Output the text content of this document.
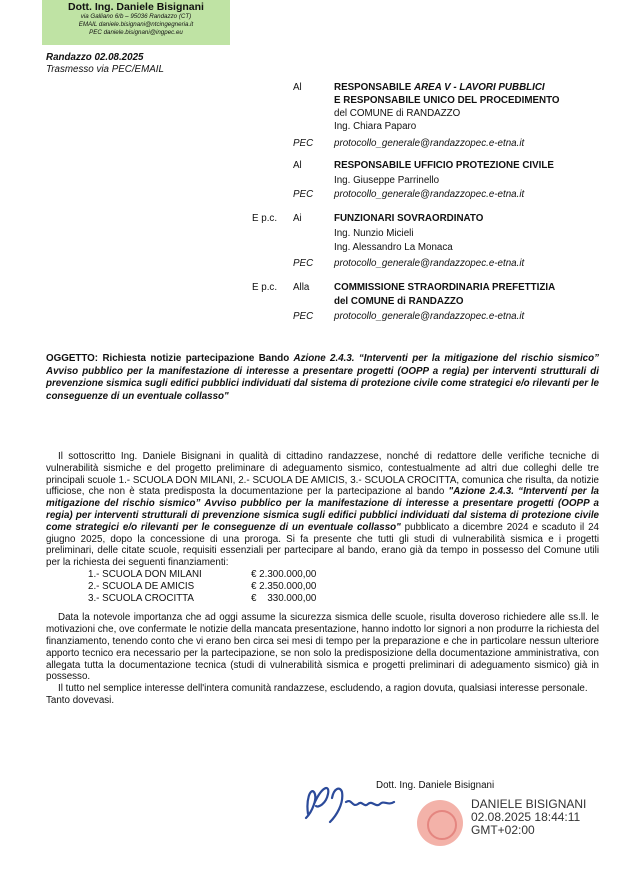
Dott. Ing. Daniele Bisignani
via Galliano 6/b – 95036 Randazzo (CT)
EMAIL daniele.bisignani@ntcingegneria.it
PEC daniele.bisignani@ingpec.eu
Randazzo 02.08.2025
Trasmesso via PEC/EMAIL
Al	RESPONSABILE AREA V - LAVORI PUBBLICI
E RESPONSABILE UNICO DEL PROCEDIMENTO
del COMUNE di RANDAZZO
Ing. Chiara Paparo
PEC protocollo_generale@randazzopec.e-etna.it
Al	RESPONSABILE UFFICIO PROTEZIONE CIVILE
Ing. Giuseppe Parrinello
PEC protocollo_generale@randazzopec.e-etna.it
E p.c. Ai	FUNZIONARI SOVRAORDINATO
Ing. Nunzio Micieli
Ing. Alessandro La Monaca
PEC protocollo_generale@randazzopec.e-etna.it
E p.c. Alla	COMMISSIONE STRAORDINARIA PREFETTIZIA
del COMUNE di RANDAZZO
PEC protocollo_generale@randazzopec.e-etna.it
OGGETTO: Richiesta notizie partecipazione Bando Azione 2.4.3. “Interventi per la mitigazione del rischio sismico” Avviso pubblico per la manifestazione di interesse a presentare progetti (OOPP a regia) per interventi strutturali di prevenzione sismica sugli edifici pubblici individuati dal sistema di protezione civile come strategici e/o rilevanti per le conseguenze di un eventuale collasso"

Il sottoscritto Ing. Daniele Bisignani in qualità di cittadino randazzese, nonché di redattore delle verifiche tecniche di vulnerabilità sismiche e del progetto preliminare di adeguamento sismico, contestualmente ad altri due colleghi delle tre principali scuole 1.- SCUOLA DON MILANI, 2.- SCUOLA DE AMICIS, 3.- SCUOLA CROCITTA, comunica che risulta, da notizie ufficiose, che non è stata predisposta la documentazione per la partecipazione al bando "Azione 2.4.3. “Interventi per la mitigazione del rischio sismico” Avviso pubblico per la manifestazione di interesse a presentare progetti (OOPP a regia) per interventi strutturali di prevenzione sismica sugli edifici pubblici individuati dal sistema di protezione civile come strategici e/o rilevanti per le conseguenze di un eventuale collasso" pubblicato a dicembre 2024 e scaduto il 24 giugno 2025, dopo la concessione di una proroga. Si fa presente che tutti gli studi di vulnerabilità sismica e i progetti preliminari, delle citate scuole, requisiti essenziali per partecipare al bando, erano già da tempo in possesso del Comune utili per la richiesta dei seguenti finanziamenti:

1.- SCUOLA DON MILANI	€ 2.300.000,00
2.- SCUOLA DE AMICIS	€ 2.350.000,00
3.- SCUOLA CROCITTA	€    330.000,00

Data la notevole importanza che ad oggi assume la sicurezza sismica delle scuole, risulta doveroso richiedere alle ss.ll. le motivazioni che, ove confermate le notizie della mancata presentazione, hanno indotto lor signori a non produrre la richiesta del finanziamento, tenendo conto che vi erano ben circa sei mesi di tempo per la preparazione e che in particolare nessun ulteriore apporto tecnico era necessario per la partecipazione, se non solo la predisposizione della documentazione amministrativa, con allegata tutta la documentazione tecnica (studi di vulnerabilità sismica e progetti preliminari di adeguamento sismico) già in possesso.

Il tutto nel semplice interesse dell'intera comunità randazzese, escludendo, a ragion dovuta, qualsiasi interesse personale.

Tanto dovevasi.

Dott. Ing. Daniele Bisignani
DANIELE BISIGNANI
02.08.2025 18:44:11
GMT+02:00
